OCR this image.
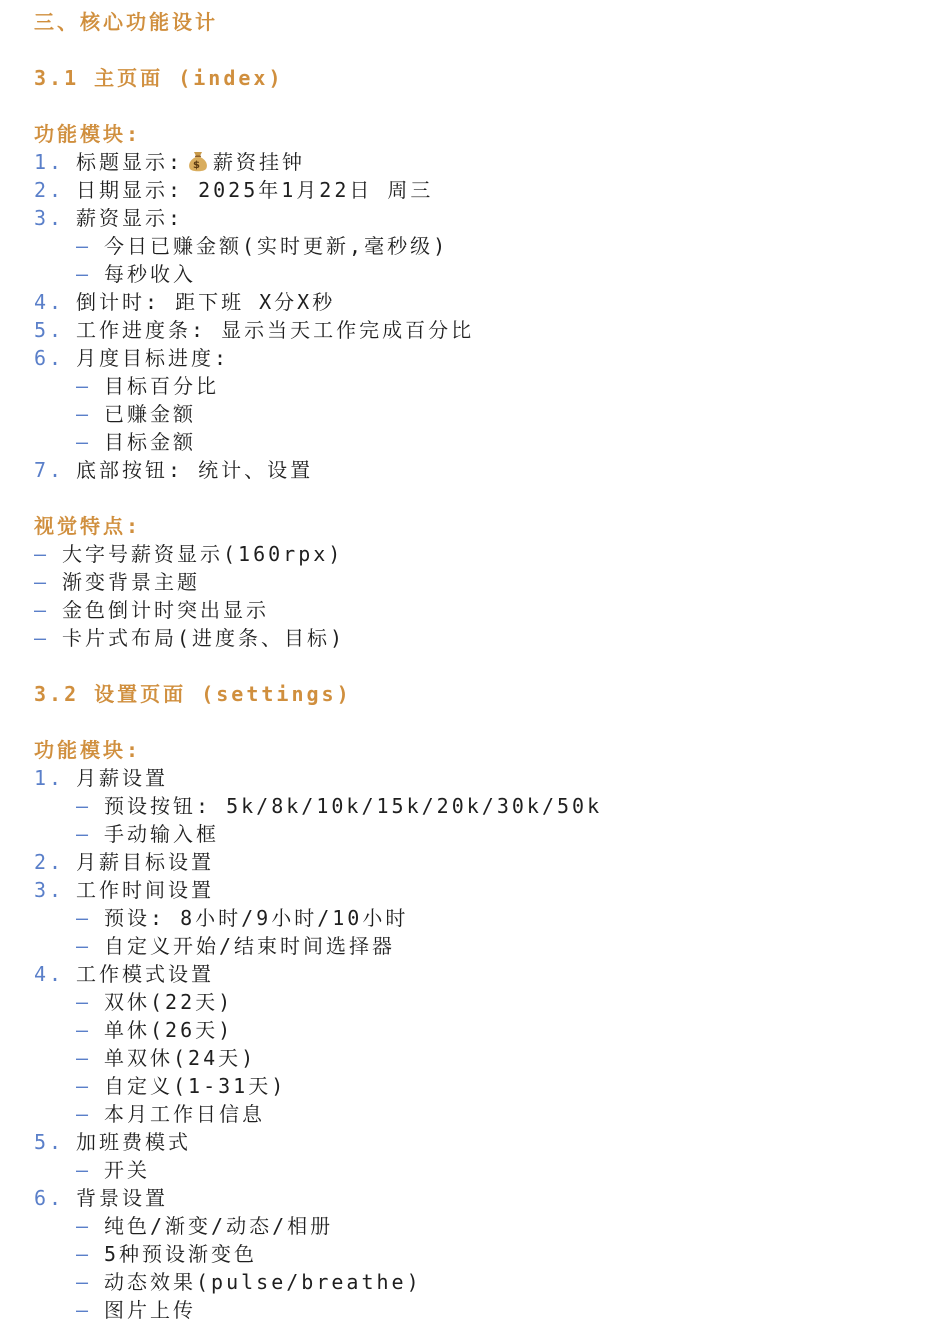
三、核心功能设计
3.1 主页面 (index)
功能模块:
1. 标题显示: $ 薪资挂钟
2. 日期显示: 2025年1月22日 周三
3. 薪资显示:
– 今日已赚金额(实时更新,毫秒级)
– 每秒收入
4. 倒计时: 距下班 X分X秒
5. 工作进度条: 显示当天工作完成百分比
6. 月度目标进度:
– 目标百分比
– 已赚金额
– 目标金额
7. 底部按钮: 统计、设置
视觉特点:
– 大字号薪资显示(160rpx)
– 渐变背景主题
– 金色倒计时突出显示
– 卡片式布局(进度条、目标)
3.2 设置页面 (settings)
功能模块:
1. 月薪设置
– 预设按钮: 5k/8k/10k/15k/20k/30k/50k
– 手动输入框
2. 月薪目标设置
3. 工作时间设置
– 预设: 8小时/9小时/10小时
– 自定义开始/结束时间选择器
4. 工作模式设置
– 双休(22天)
– 单休(26天)
– 单双休(24天)
– 自定义(1-31天)
– 本月工作日信息
5. 加班费模式
– 开关
6. 背景设置
– 纯色/渐变/动态/相册
– 5种预设渐变色
– 动态效果(pulse/breathe)
– 图片上传
